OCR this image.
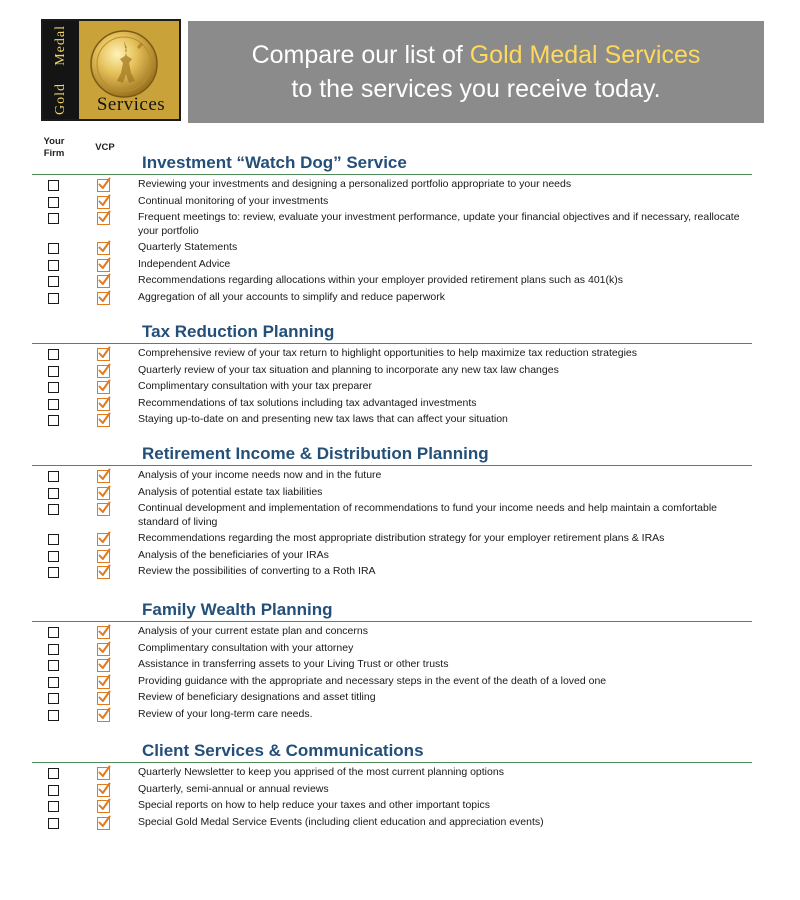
Medal
Gold	Services
Compare our list of Gold Medal Services
to the services you receive today.
Your Firm
VCP
Investment “Watch Dog” Service
Reviewing your investments and designing a personalized portfolio appropriate to your needs
Continual monitoring of your investments
Frequent meetings to: review, evaluate your investment performance, update your financial objectives and if necessary, reallocate your portfolio
Quarterly Statements
Independent Advice
Recommendations regarding allocations within your employer provided retirement plans such as 401(k)s
Aggregation of all your accounts to simplify and reduce paperwork
Tax Reduction Planning
Comprehensive review of your tax return to highlight opportunities to help maximize tax reduction strategies
Quarterly review of your tax situation and planning to incorporate any new tax law changes
Complimentary consultation with your tax preparer
Recommendations of tax solutions including tax advantaged investments
Staying up-to-date on and presenting new tax laws that can affect your situation
Retirement Income & Distribution Planning
Analysis of your income needs now and in the future
Analysis of potential estate tax liabilities
Continual development and implementation of recommendations to fund your income needs and help maintain a comfortable standard of living
Recommendations regarding the most appropriate distribution strategy for your employer retirement plans & IRAs
Analysis of the beneficiaries of your IRAs
Review the possibilities of converting to a Roth IRA
Family Wealth Planning
Analysis of your current estate plan and concerns
Complimentary consultation with your attorney
Assistance in transferring assets to your Living Trust or other trusts
Providing guidance with the appropriate and necessary steps in the event of the death of a loved one
Review of beneficiary designations and asset titling
Review of your long-term care needs.
Client Services & Communications
Quarterly Newsletter to keep you apprised of the most current planning options
Quarterly, semi-annual or annual reviews
Special reports on how to help reduce your taxes and other important topics
Special Gold Medal Service Events (including client education and appreciation events)
